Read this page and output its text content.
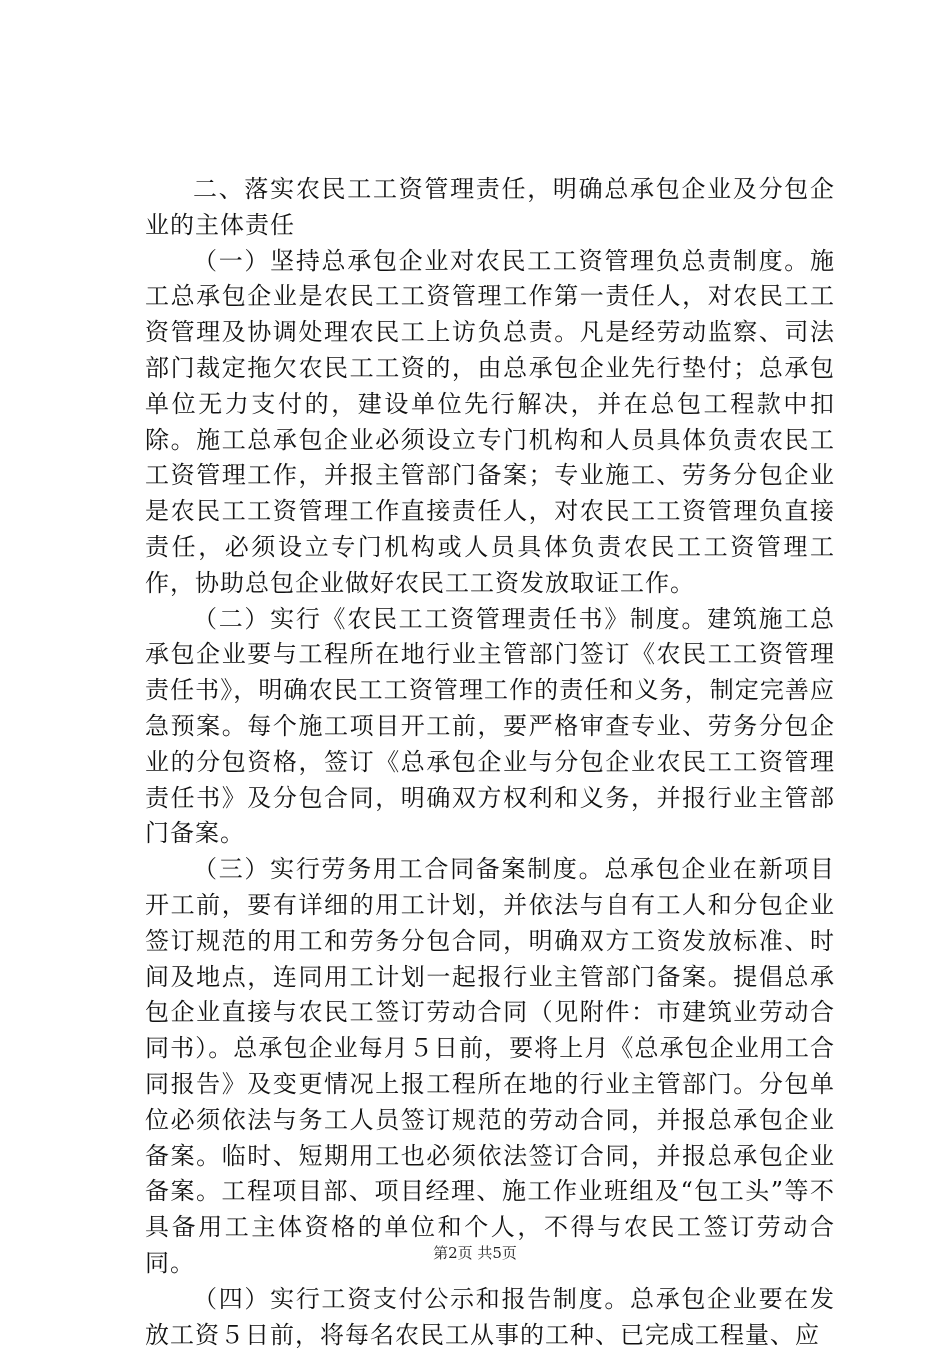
二、落实农民工工资管理责任，明确总承包企业及分包企业的主体责任

（一）坚持总承包企业对农民工工资管理负总责制度。施工总承包企业是农民工工资管理工作第一责任人，对农民工工资管理及协调处理农民工上访负总责。凡是经劳动监察、司法部门裁定拖欠农民工工资的，由总承包企业先行垫付；总承包单位无力支付的，建设单位先行解决，并在总包工程款中扣除。施工总承包企业必须设立专门机构和人员具体负责农民工工资管理工作，并报主管部门备案；专业施工、劳务分包企业是农民工工资管理工作直接责任人，对农民工工资管理负直接责任，必须设立专门机构或人员具体负责农民工工资管理工作，协助总包企业做好农民工工资发放取证工作。

（二）实行《农民工工资管理责任书》制度。建筑施工总承包企业要与工程所在地行业主管部门签订《农民工工资管理责任书》，明确农民工工资管理工作的责任和义务，制定完善应急预案。每个施工项目开工前，要严格审查专业、劳务分包企业的分包资格，签订《总承包企业与分包企业农民工工资管理责任书》及分包合同，明确双方权利和义务，并报行业主管部门备案。

（三）实行劳务用工合同备案制度。总承包企业在新项目开工前，要有详细的用工计划，并依法与自有工人和分包企业签订规范的用工和劳务分包合同，明确双方工资发放标准、时间及地点，连同用工计划一起报行业主管部门备案。提倡总承包企业直接与农民工签订劳动合同（见附件：市建筑业劳动合同书）。总承包企业每月５日前，要将上月《总承包企业用工合同报告》及变更情况上报工程所在地的行业主管部门。分包单位必须依法与务工人员签订规范的劳动合同，并报总承包企业备案。临时、短期用工也必须依法签订合同，并报总承包企业备案。工程项目部、项目经理、施工作业班组及“包工头”等不具备用工主体资格的单位和个人，不得与农民工签订劳动合同。

（四）实行工资支付公示和报告制度。总承包企业要在发放工资５日前，将每名农民工从事的工种、已完成工程量、应

第2页 共5页
